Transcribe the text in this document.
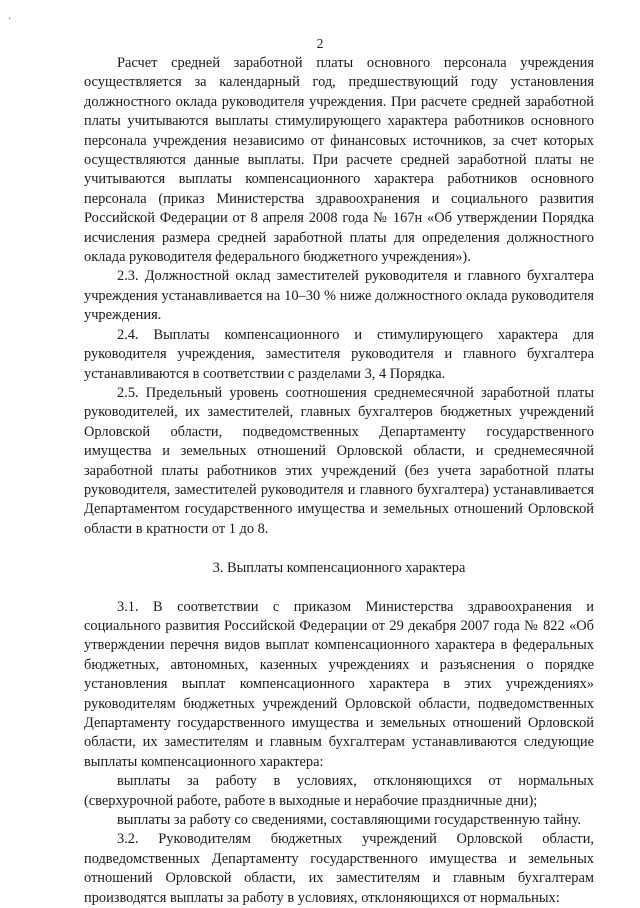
·
2

Расчет средней заработной платы основного персонала учреждения осуществляется за календарный год, предшествующий году установления должностного оклада руководителя учреждения. При расчете средней заработной платы учитываются выплаты стимулирующего характера работников основного персонала учреждения независимо от финансовых источников, за счет которых осуществляются данные выплаты. При расчете средней заработной платы не учитываются выплаты компенсационного характера работников основного персонала (приказ Министерства здравоохранения и социального развития Российской Федерации от 8 апреля 2008 года № 167н «Об утверждении Порядка исчисления размера средней заработной платы для определения должностного оклада руководителя федерального бюджетного учреждения»).

2.3. Должностной оклад заместителей руководителя и главного бухгалтера учреждения устанавливается на 10–30 % ниже должностного оклада руководителя учреждения.

2.4. Выплаты компенсационного и стимулирующего характера для руководителя учреждения, заместителя руководителя и главного бухгалтера устанавливаются в соответствии с разделами 3, 4 Порядка.

2.5. Предельный уровень соотношения среднемесячной заработной платы руководителей, их заместителей, главных бухгалтеров бюджетных учреждений Орловской области, подведомственных Департаменту государственного имущества и земельных отношений Орловской области, и среднемесячной заработной платы работников этих учреждений (без учета заработной платы руководителя, заместителей руководителя и главного бухгалтера) устанавливается Департаментом государственного имущества и земельных отношений Орловской области в кратности от 1 до 8.

3. Выплаты компенсационного характера

3.1. В соответствии с приказом Министерства здравоохранения и социального развития Российской Федерации от 29 декабря 2007 года № 822 «Об утверждении перечня видов выплат компенсационного характера в федеральных бюджетных, автономных, казенных учреждениях и разъяснения о порядке установления выплат компенсационного характера в этих учреждениях» руководителям бюджетных учреждений Орловской области, подведомственных Департаменту государственного имущества и земельных отношений Орловской области, их заместителям и главным бухгалтерам устанавливаются следующие выплаты компенсационного характера:

выплаты за работу в условиях, отклоняющихся от нормальных (сверхурочной работе, работе в выходные и нерабочие праздничные дни);

выплаты за работу со сведениями, составляющими государственную тайну.

3.2. Руководителям бюджетных учреждений Орловской области, подведомственных Департаменту государственного имущества и земельных отношений Орловской области, их заместителям и главным бухгалтерам производятся выплаты за работу в условиях, отклоняющихся от нормальных:
